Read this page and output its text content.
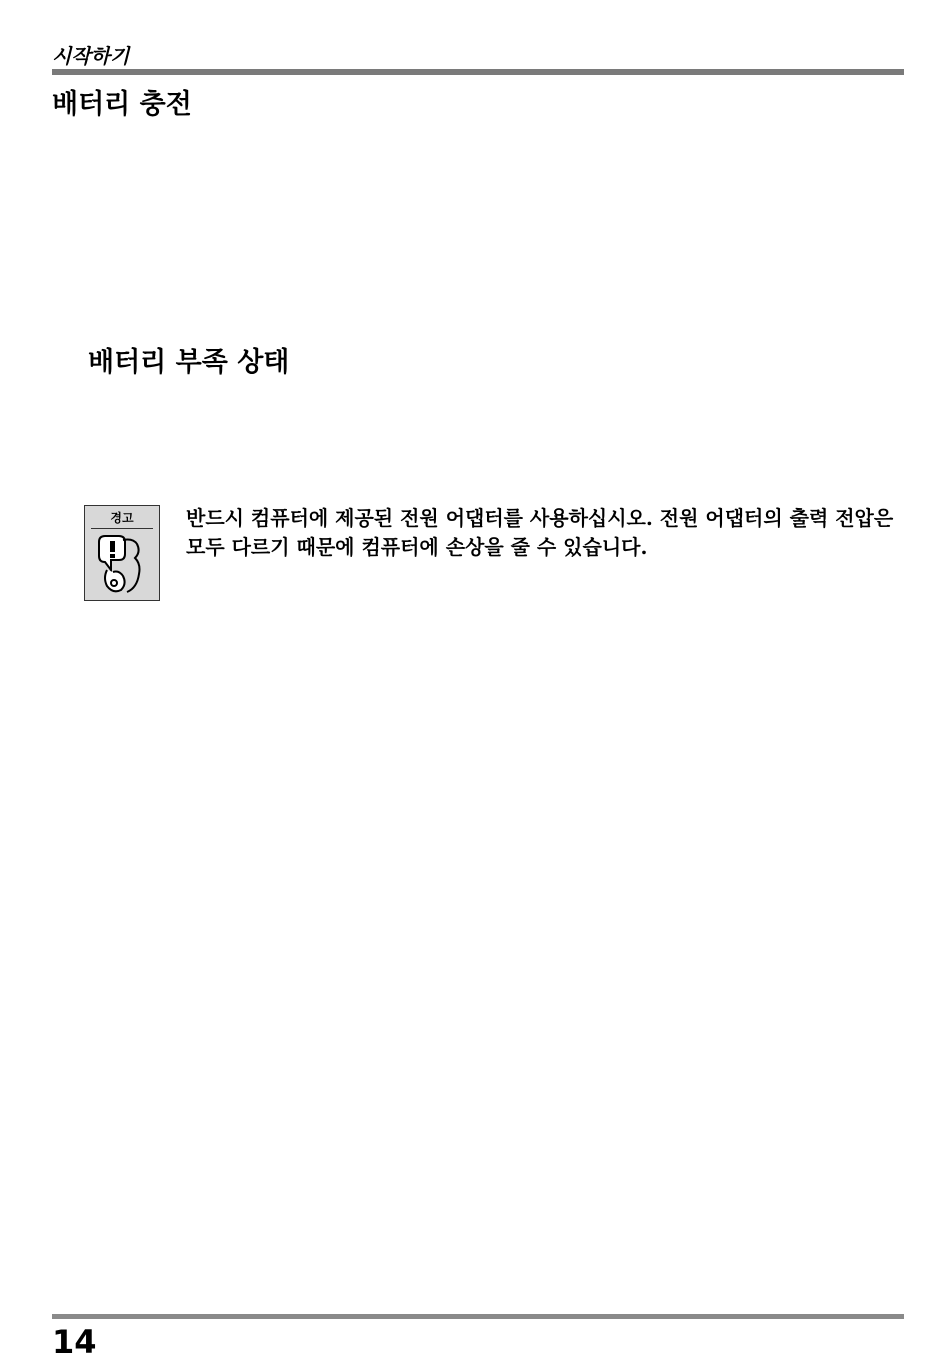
시작하기
배터리 충전
배터리 부족 상태
경고	반드시 컴퓨터에 제공된 전원 어댑터를 사용하십시오. 전원 어댑터의 출력 전압은 모두 다르기 때문에 컴퓨터에 손상을 줄 수 있습니다.

14
